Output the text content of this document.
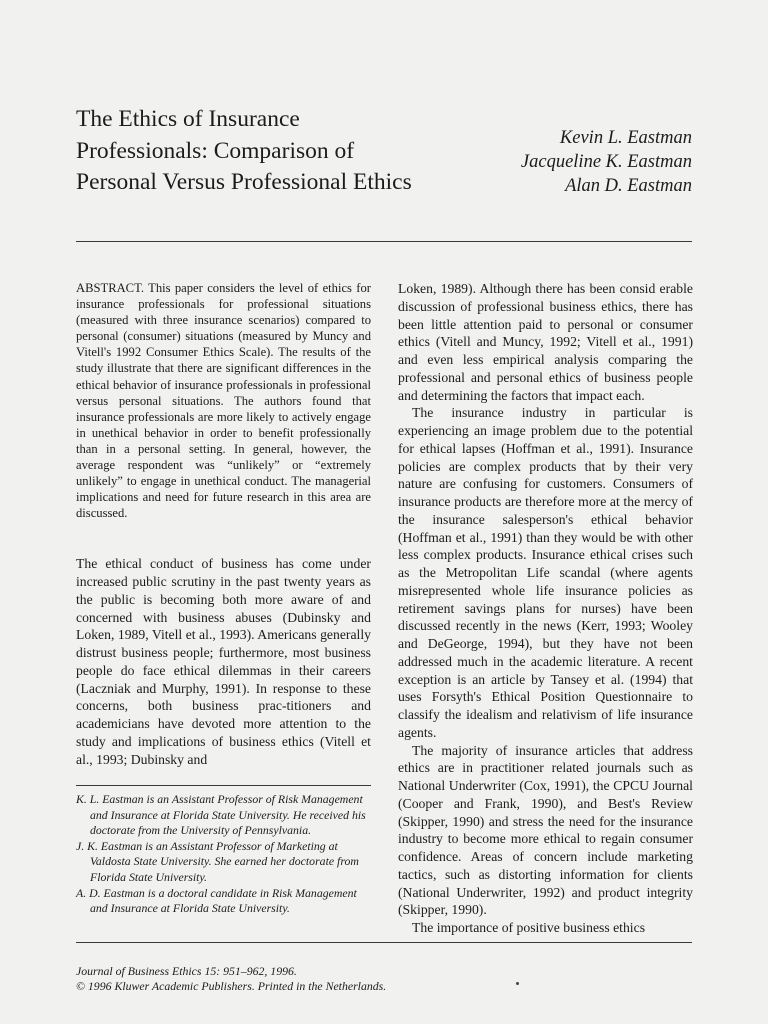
The Ethics of Insurance
Professionals: Comparison of
Personal Versus Professional Ethics
Kevin L. Eastman
Jacqueline K. Eastman
Alan D. Eastman

ABSTRACT. This paper considers the level of ethics for insurance professionals for professional situations (measured with three insurance scenarios) compared to personal (consumer) situations (measured by Muncy and Vitell's 1992 Consumer Ethics Scale). The results of the study illustrate that there are significant differences in the ethical behavior of insurance professionals in professional versus personal situations. The authors found that insurance professionals are more likely to actively engage in unethical behavior in order to benefit professionally than in a personal setting. In general, however, the average respondent was “unlikely” or “extremely unlikely” to engage in unethical conduct. The managerial implications and need for future research in this area are discussed.

The ethical conduct of business has come under increased public scrutiny in the past twenty years as the public is becoming both more aware of and concerned with business abuses (Dubinsky and Loken, 1989, Vitell et al., 1993). Americans generally distrust business people; furthermore, most business people do face ethical dilemmas in their careers (Laczniak and Murphy, 1991). In response to these concerns, both business prac-titioners and academicians have devoted more attention to the study and implications of business ethics (Vitell et al., 1993; Dubinsky and

K. L. Eastman is an Assistant Professor of Risk Management and Insurance at Florida State University. He received his doctorate from the University of Pennsylvania.

J. K. Eastman is an Assistant Professor of Marketing at Valdosta State University. She earned her doctorate from Florida State University.

A. D. Eastman is a doctoral candidate in Risk Management and Insurance at Florida State University.

Loken, 1989). Although there has been consid erable discussion of professional business ethics, there has been little attention paid to personal or consumer ethics (Vitell and Muncy, 1992; Vitell et al., 1991) and even less empirical analysis comparing the professional and personal ethics of business people and determining the factors that impact each.

The insurance industry in particular is experiencing an image problem due to the potential for ethical lapses (Hoffman et al., 1991). Insurance policies are complex products that by their very nature are confusing for customers. Consumers of insurance products are therefore more at the mercy of the insurance salesperson's ethical behavior (Hoffman et al., 1991) than they would be with other less complex products. Insurance ethical crises such as the Metropolitan Life scandal (where agents misrepresented whole life insurance policies as retirement savings plans for nurses) have been discussed recently in the news (Kerr, 1993; Wooley and DeGeorge, 1994), but they have not been addressed much in the academic literature. A recent exception is an article by Tansey et al. (1994) that uses Forsyth's Ethical Position Questionnaire to classify the idealism and relativism of life insurance agents.

The majority of insurance articles that address ethics are in practitioner related journals such as National Underwriter (Cox, 1991), the CPCU Journal (Cooper and Frank, 1990), and Best's Review (Skipper, 1990) and stress the need for the insurance industry to become more ethical to regain consumer confidence. Areas of concern include marketing tactics, such as distorting information for clients (National Underwriter, 1992) and product integrity (Skipper, 1990).

The importance of positive business ethics

Journal of Business Ethics 15: 951–962, 1996.
© 1996 Kluwer Academic Publishers. Printed in the Netherlands.
